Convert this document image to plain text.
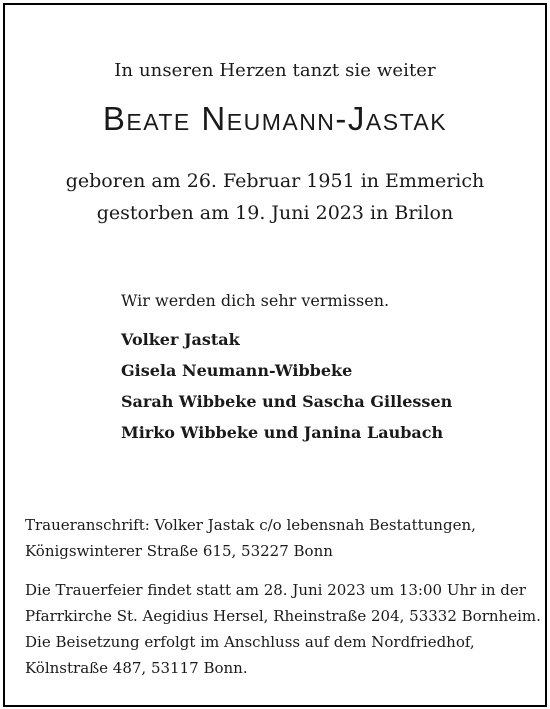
In unseren Herzen tanzt sie weiter
Beate Neumann-Jastak
geboren am 26. Februar 1951 in Emmerich
gestorben am 19. Juni 2023 in Brilon
Wir werden dich sehr vermissen.
Volker Jastak
Gisela Neumann-Wibbeke
Sarah Wibbeke und Sascha Gillessen
Mirko Wibbeke und Janina Laubach
Traueranschrift: Volker Jastak c/o lebensnah Bestattungen,
Königswinterer Straße 615, 53227 Bonn
Die Trauerfeier findet statt am 28. Juni 2023 um 13:00 Uhr in der
Pfarrkirche St. Aegidius Hersel, Rheinstraße 204, 53332 Bornheim.
Die Beisetzung erfolgt im Anschluss auf dem Nordfriedhof,
Kölnstraße 487, 53117 Bonn.
